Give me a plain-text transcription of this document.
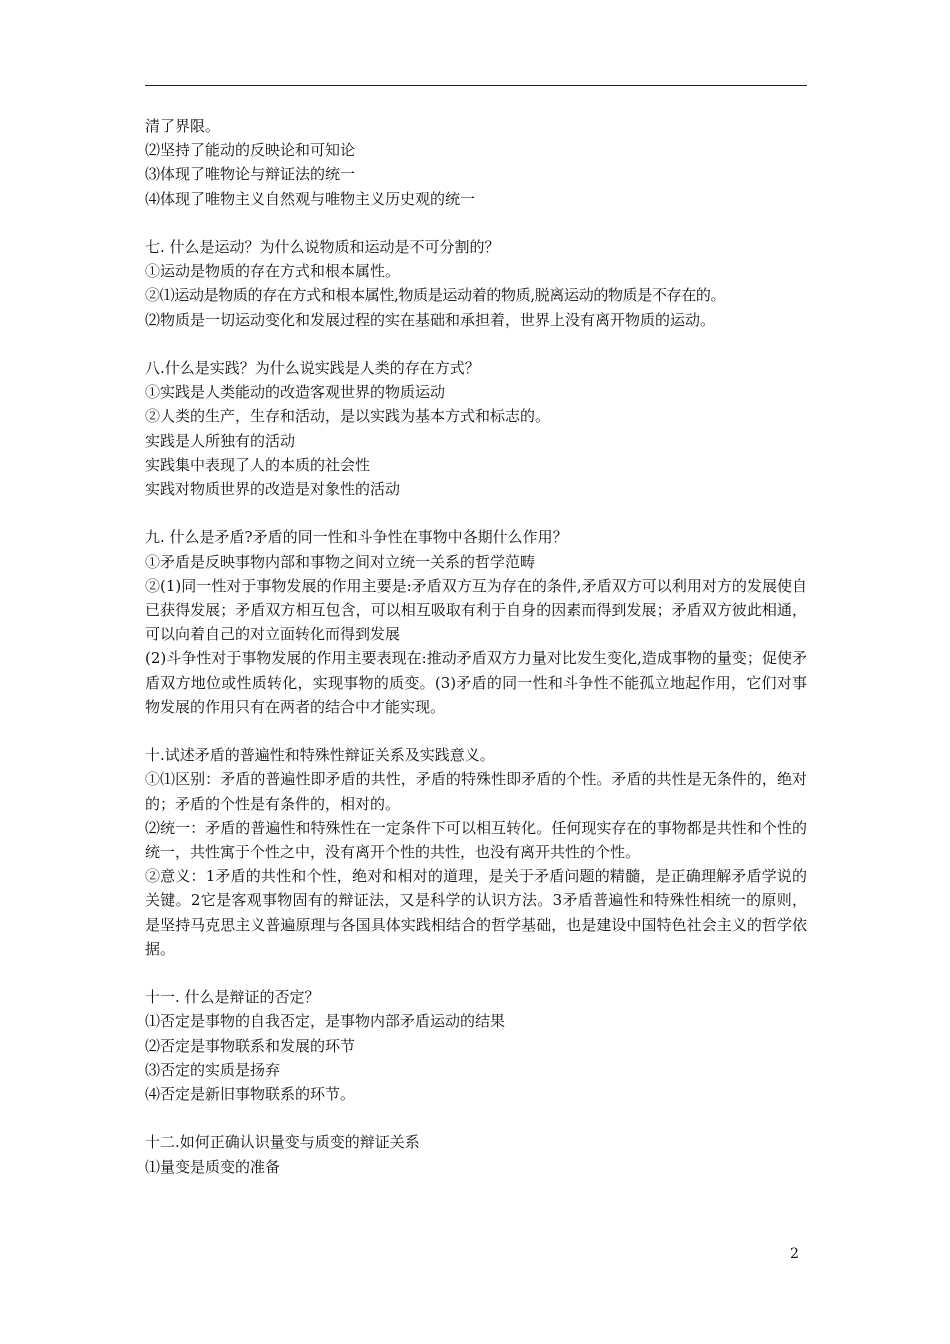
清了界限。
⑵坚持了能动的反映论和可知论
⑶体现了唯物论与辩证法的统一
⑷体现了唯物主义自然观与唯物主义历史观的统一
七. 什么是运动？为什么说物质和运动是不可分割的？
①运动是物质的存在方式和根本属性。
②⑴运动是物质的存在方式和根本属性,物质是运动着的物质,脱离运动的物质是不存在的。
⑵物质是一切运动变化和发展过程的实在基础和承担着，世界上没有离开物质的运动。
八.什么是实践？为什么说实践是人类的存在方式？
①实践是人类能动的改造客观世界的物质运动
②人类的生产，生存和活动，是以实践为基本方式和标志的。
实践是人所独有的活动
实践集中表现了人的本质的社会性
实践对物质世界的改造是对象性的活动
九. 什么是矛盾?矛盾的同一性和斗争性在事物中各期什么作用？
①矛盾是反映事物内部和事物之间对立统一关系的哲学范畴
②(1)同一性对于事物发展的作用主要是:矛盾双方互为存在的条件,矛盾双方可以利用对方的发展使自已获得发展；矛盾双方相互包含，可以相互吸取有利于自身的因素而得到发展；矛盾双方彼此相通，可以向着自己的对立面转化而得到发展
(2)斗争性对于事物发展的作用主要表现在:推动矛盾双方力量对比发生变化,造成事物的量变；促使矛盾双方地位或性质转化，实现事物的质变。(3)矛盾的同一性和斗争性不能孤立地起作用，它们对事物发展的作用只有在两者的结合中才能实现。
十.试述矛盾的普遍性和特殊性辩证关系及实践意义。
①⑴区别：矛盾的普遍性即矛盾的共性，矛盾的特殊性即矛盾的个性。矛盾的共性是无条件的，绝对的；矛盾的个性是有条件的，相对的。
⑵统一：矛盾的普遍性和特殊性在一定条件下可以相互转化。任何现实存在的事物都是共性和个性的统一，共性寓于个性之中，没有离开个性的共性，也没有离开共性的个性。
②意义：1矛盾的共性和个性，绝对和相对的道理，是关于矛盾问题的精髓，是正确理解矛盾学说的关键。2它是客观事物固有的辩证法，又是科学的认识方法。3矛盾普遍性和特殊性相统一的原则，是坚持马克思主义普遍原理与各国具体实践相结合的哲学基础，也是建设中国特色社会主义的哲学依据。
十一. 什么是辩证的否定？
⑴否定是事物的自我否定，是事物内部矛盾运动的结果
⑵否定是事物联系和发展的环节
⑶否定的实质是扬弃
⑷否定是新旧事物联系的环节。
十二.如何正确认识量变与质变的辩证关系
⑴量变是质变的准备
2
